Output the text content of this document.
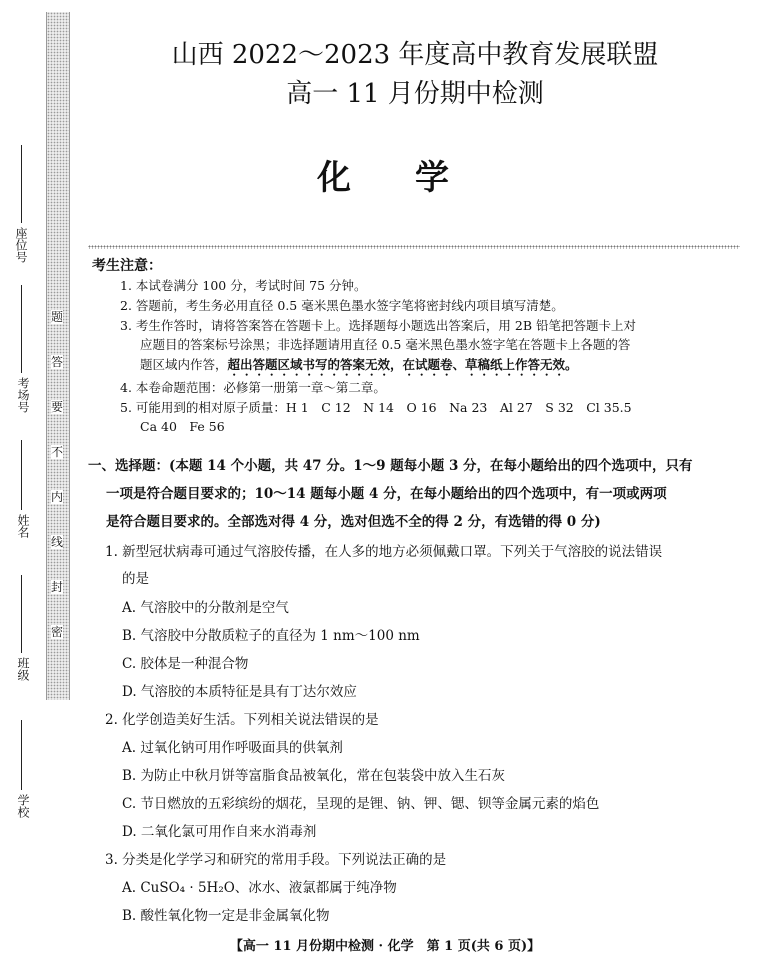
题
答
要
不
内
线
封
密
座位号
考场号
姓名
班级
学校
山西 2022～2023 年度高中教育发展联盟
高一 11 月份期中检测
化学
考生注意：
1. 本试卷满分 100 分，考试时间 75 分钟。
2. 答题前，考生务必用直径 0.5 毫米黑色墨水签字笔将密封线内项目填写清楚。
3. 考生作答时，请将答案答在答题卡上。选择题每小题选出答案后，用 2B 铅笔把答题卡上对
应题目的答案标号涂黑；非选择题请用直径 0.5 毫米黑色墨水签字笔在答题卡上各题的答
题区域内作答，超出答题区域书写的答案无效，在试题卷、草稿纸上作答无效。
4. 本卷命题范围：必修第一册第一章～第二章。
5. 可能用到的相对原子质量：H 1　C 12　N 14　O 16　Na 23　Al 27　S 32　Cl 35.5
Ca 40　Fe 56
一、选择题：(本题 14 个小题，共 47 分。1～9 题每小题 3 分，在每小题给出的四个选项中，只有
一项是符合题目要求的；10～14 题每小题 4 分，在每小题给出的四个选项中，有一项或两项
是符合题目要求的。全部选对得 4 分，选对但选不全的得 2 分，有选错的得 0 分)
1. 新型冠状病毒可通过气溶胶传播，在人多的地方必须佩戴口罩。下列关于气溶胶的说法错误
的是
A. 气溶胶中的分散剂是空气
B. 气溶胶中分散质粒子的直径为 1 nm～100 nm
C. 胶体是一种混合物
D. 气溶胶的本质特征是具有丁达尔效应
2. 化学创造美好生活。下列相关说法错误的是
A. 过氧化钠可用作呼吸面具的供氧剂
B. 为防止中秋月饼等富脂食品被氧化，常在包装袋中放入生石灰
C. 节日燃放的五彩缤纷的烟花，呈现的是锂、钠、钾、锶、钡等金属元素的焰色
D. 二氧化氯可用作自来水消毒剂
3. 分类是化学学习和研究的常用手段。下列说法正确的是
A. CuSO₄ · 5H₂O、冰水、液氯都属于纯净物
B. 酸性氧化物一定是非金属氧化物
【高一 11 月份期中检测 · 化学　第 1 页(共 6 页)】
